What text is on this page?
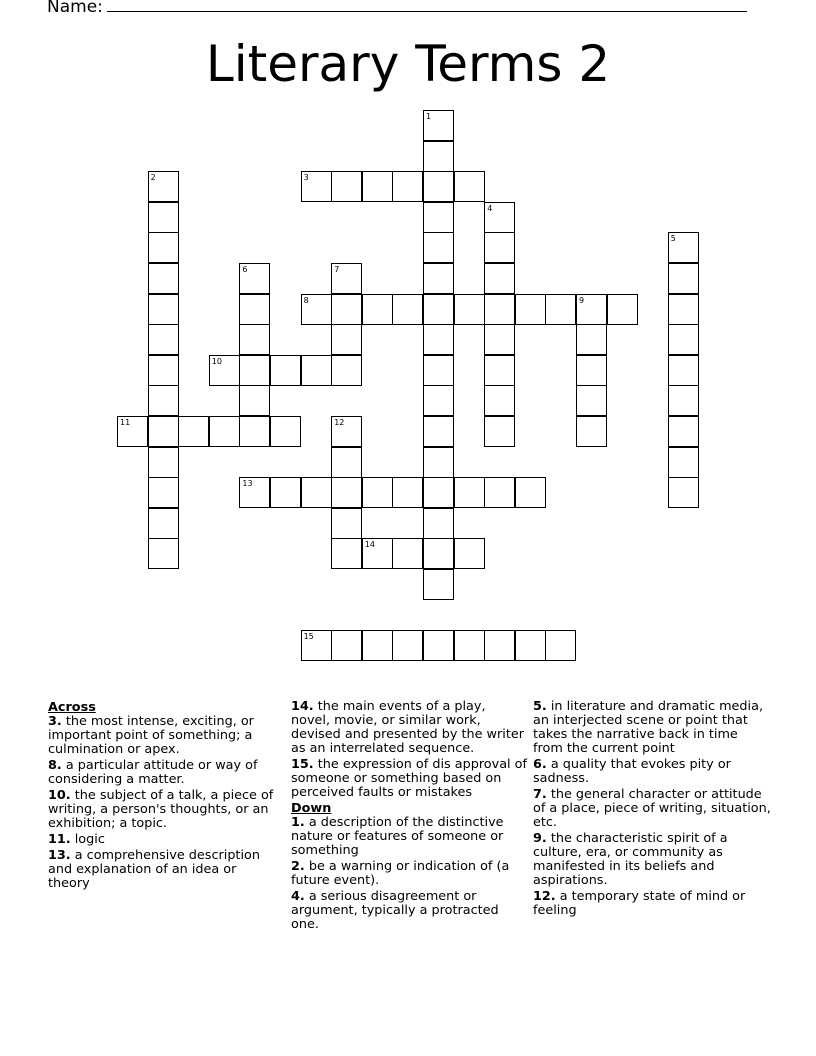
Name:
Literary Terms 2
1
2	3
4
5
6	7
8	9
10
11	12
13
14
15
Across
3. the most intense, exciting, or important point of something; a culmination or apex.
8. a particular attitude or way of considering a matter.
10. the subject of a talk, a piece of writing, a person's thoughts, or an exhibition; a topic.
11. logic
13. a comprehensive description and explanation of an idea or theory
14. the main events of a play, novel, movie, or similar work, devised and presented by the writer as an interrelated sequence.
15. the expression of dis approval of someone or something based on perceived faults or mistakes
Down
1. a description of the distinctive nature or features of someone or something
2. be a warning or indication of (a future event).
4. a serious disagreement or argument, typically a protracted one.
5. in literature and dramatic media, an interjected scene or point that takes the narrative back in time from the current point
6. a quality that evokes pity or sadness.
7. the general character or attitude of a place, piece of writing, situation, etc.
9. the characteristic spirit of a culture, era, or community as manifested in its beliefs and aspirations.
12. a temporary state of mind or feeling
